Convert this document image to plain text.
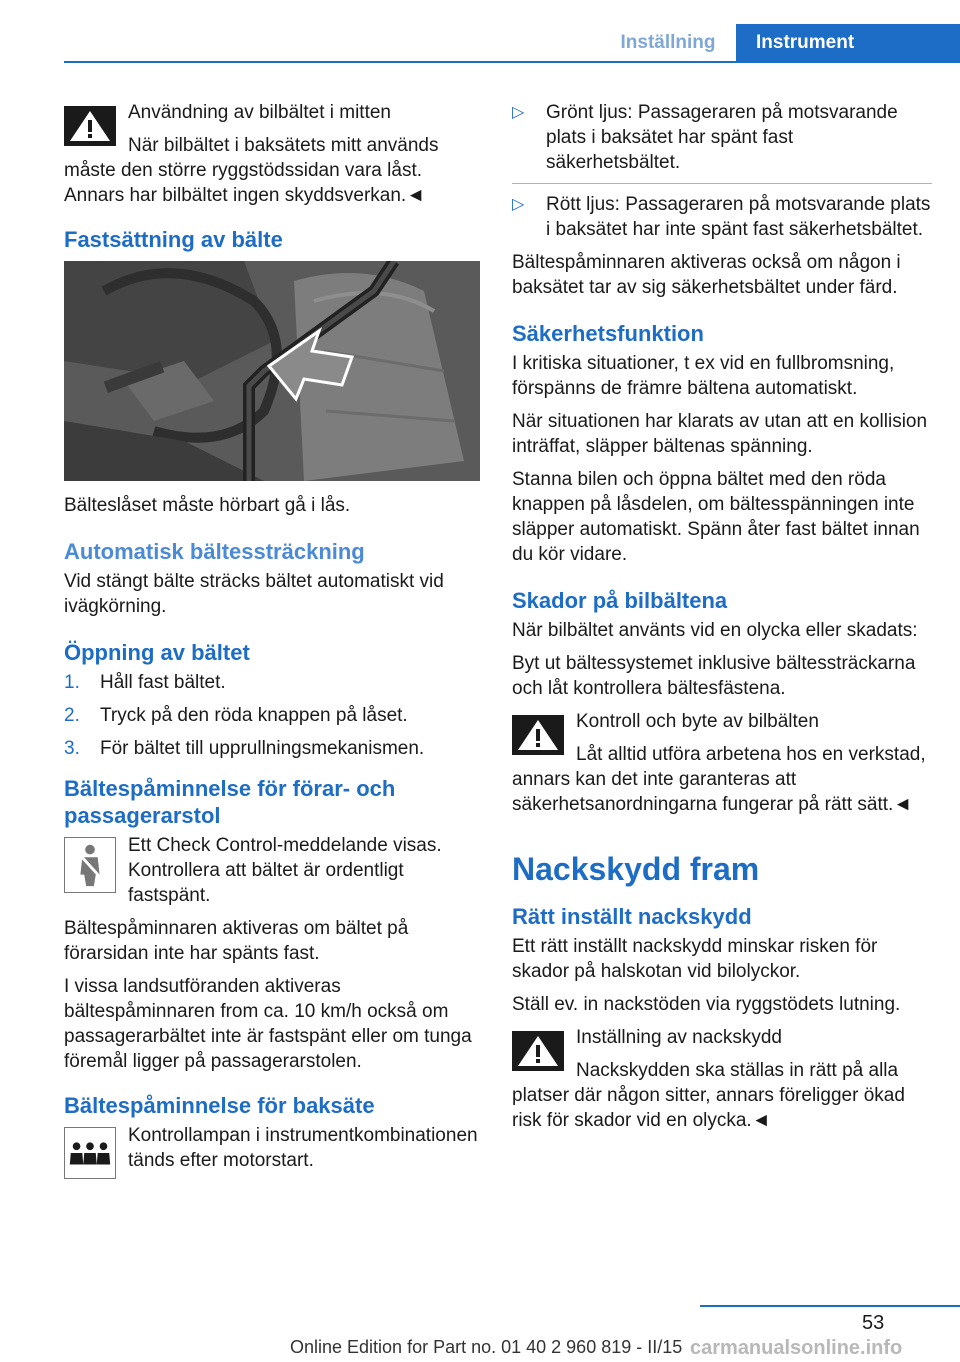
Inställning	Instrument
Användning av bilbältet i mitten

När bilbältet i baksätets mitt används måste den större ryggstödssidan vara låst. Annars har bilbältet ingen skyddsverkan.◄

Fastsättning av bälte

Bälteslåset måste hörbart gå i lås.

Automatisk bältessträckning

Vid stängt bälte sträcks bältet automatiskt vid ivägkörning.

Öppning av bältet
1. Håll fast bältet.
2. Tryck på den röda knappen på låset.
3. För bältet till upprullningsmekanismen.
Bältespåminnelse för förar- och passagerarstol

Ett Check Control-meddelande visas. Kontrollera att bältet är ordentligt fastspänt.

Bältespåminnaren aktiveras om bältet på förarsidan inte har spänts fast.

I vissa landsutföranden aktiveras bältespåminnaren from ca. 10 km/h också om passagerarbältet inte är fastspänt eller om tunga föremål ligger på passagerarstolen.

Bältespåminnelse för baksäte

Kontrollampan i instrumentkombinationen tänds efter motorstart.

▷ Grönt ljus: Passageraren på motsvarande plats i baksätet har spänt fast säkerhetsbältet.
▷ Rött ljus: Passageraren på motsvarande plats i baksätet har inte spänt fast säkerhetsbältet.

Bältespåminnaren aktiveras också om någon i baksätet tar av sig säkerhetsbältet under färd.

Säkerhetsfunktion

I kritiska situationer, t ex vid en fullbromsning, förspänns de främre bältena automatiskt.

När situationen har klarats av utan att en kollision inträffat, släpper bältenas spänning.

Stanna bilen och öppna bältet med den röda knappen på låsdelen, om bältesspänningen inte släpper automatiskt. Spänn åter fast bältet innan du kör vidare.

Skador på bilbältena

När bilbältet använts vid en olycka eller skadats:

Byt ut bältessystemet inklusive bältessträckarna och låt kontrollera bältesfästena.

Kontroll och byte av bilbälten

Låt alltid utföra arbetena hos en verkstad, annars kan det inte garanteras att säkerhetsanordningarna fungerar på rätt sätt.◄

Nackskydd fram
Rätt inställt nackskydd

Ett rätt inställt nackskydd minskar risken för skador på halskotan vid bilolyckor.

Ställ ev. in nackstöden via ryggstödets lutning.

Inställning av nackskydd

Nackskydden ska ställas in rätt på alla platser där någon sitter, annars föreligger ökad risk för skador vid en olycka.◄

53
Online Edition for Part no. 01 40 2 960 819 - II/15 carmanualsonline.info
